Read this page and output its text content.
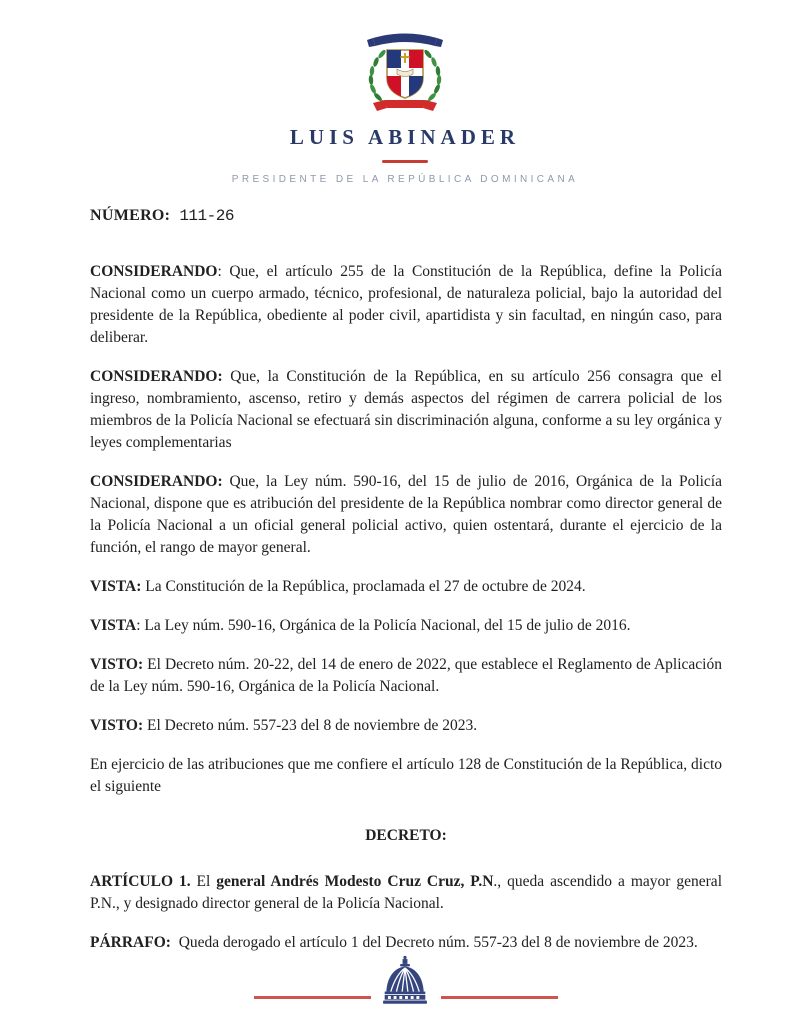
LUIS ABINADER
PRESIDENTE DE LA REPÚBLICA DOMINICANA
NÚMERO: 111-26

CONSIDERANDO: Que, el artículo 255 de la Constitución de la República, define la Policía Nacional como un cuerpo armado, técnico, profesional, de naturaleza policial, bajo la autoridad del presidente de la República, obediente al poder civil, apartidista y sin facultad, en ningún caso, para deliberar.

CONSIDERANDO: Que, la Constitución de la República, en su artículo 256 consagra que el ingreso, nombramiento, ascenso, retiro y demás aspectos del régimen de carrera policial de los miembros de la Policía Nacional se efectuará sin discriminación alguna, conforme a su ley orgánica y leyes complementarias

CONSIDERANDO: Que, la Ley núm. 590-16, del 15 de julio de 2016, Orgánica de la Policía Nacional, dispone que es atribución del presidente de la República nombrar como director general de la Policía Nacional a un oficial general policial activo, quien ostentará, durante el ejercicio de la función, el rango de mayor general.

VISTA: La Constitución de la República, proclamada el 27 de octubre de 2024.

VISTA: La Ley núm. 590-16, Orgánica de la Policía Nacional, del 15 de julio de 2016.

VISTO: El Decreto núm. 20-22, del 14 de enero de 2022, que establece el Reglamento de Aplicación de la Ley núm. 590-16, Orgánica de la Policía Nacional.

VISTO: El Decreto núm. 557-23 del 8 de noviembre de 2023.

En ejercicio de las atribuciones que me confiere el artículo 128 de Constitución de la República, dicto el siguiente

DECRETO:

ARTÍCULO 1. El general Andrés Modesto Cruz Cruz, P.N., queda ascendido a mayor general P.N., y designado director general de la Policía Nacional.

PÁRRAFO:  Queda derogado el artículo 1 del Decreto núm. 557-23 del 8 de noviembre de 2023.
